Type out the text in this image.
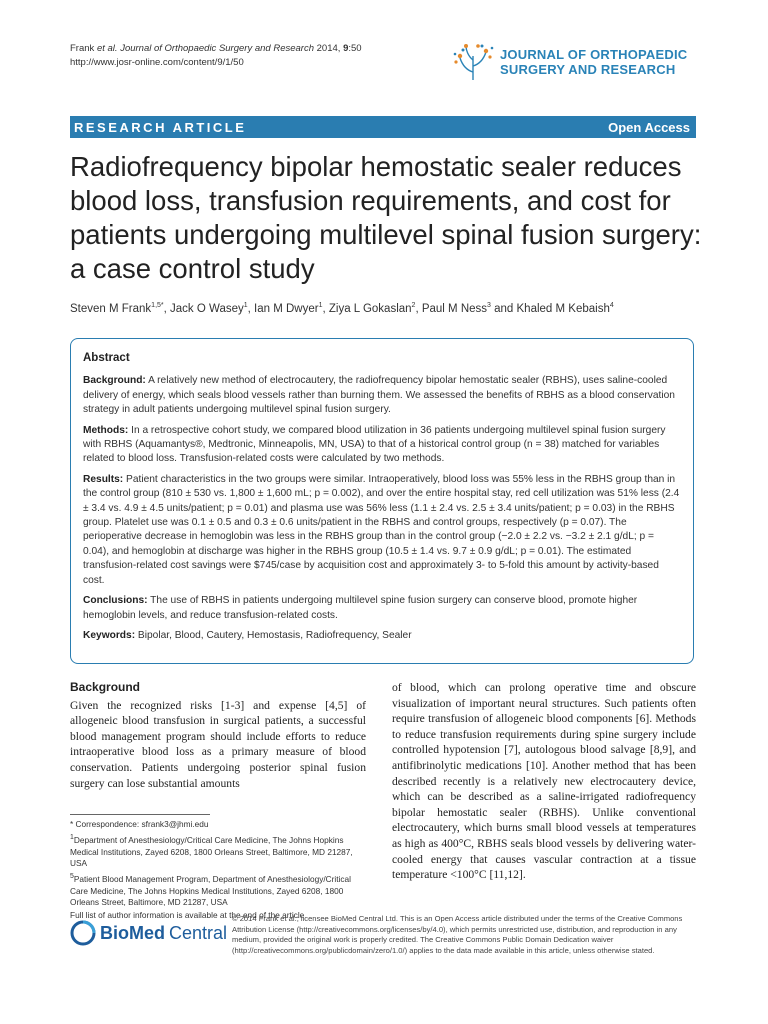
Frank et al. Journal of Orthopaedic Surgery and Research 2014, 9:50
http://www.josr-online.com/content/9/1/50
JOURNAL OF ORTHOPAEDIC
SURGERY AND RESEARCH
RESEARCH ARTICLE	Open Access
Radiofrequency bipolar hemostatic sealer reduces blood loss, transfusion requirements, and cost for patients undergoing multilevel spinal fusion surgery: a case control study
Steven M Frank$^{1,5*}$, Jack O Wasey$^1$, Ian M Dwyer$^1$, Ziya L Gokaslan$^2$, Paul M Ness$^3$ and Khaled M Kebaish$^4$
Abstract

Background: A relatively new method of electrocautery, the radiofrequency bipolar hemostatic sealer (RBHS), uses saline-cooled delivery of energy, which seals blood vessels rather than burning them. We assessed the benefits of RBHS as a blood conservation strategy in adult patients undergoing multilevel spinal fusion surgery.

Methods: In a retrospective cohort study, we compared blood utilization in 36 patients undergoing multilevel spinal fusion surgery with RBHS (Aquamantys®, Medtronic, Minneapolis, MN, USA) to that of a historical control group (n = 38) matched for variables related to blood loss. Transfusion-related costs were calculated by two methods.

Results: Patient characteristics in the two groups were similar. Intraoperatively, blood loss was 55% less in the RBHS group than in the control group (810 ± 530 vs. 1,800 ± 1,600 mL; p = 0.002), and over the entire hospital stay, red cell utilization was 51% less (2.4 ± 3.4 vs. 4.9 ± 4.5 units/patient; p = 0.01) and plasma use was 56% less (1.1 ± 2.4 vs. 2.5 ± 3.4 units/patient; p = 0.03) in the RBHS group. Platelet use was 0.1 ± 0.5 and 0.3 ± 0.6 units/patient in the RBHS and control groups, respectively (p = 0.07). The perioperative decrease in hemoglobin was less in the RBHS group than in the control group (−2.0 ± 2.2 vs. −3.2 ± 2.1 g/dL; p = 0.04), and hemoglobin at discharge was higher in the RBHS group (10.5 ± 1.4 vs. 9.7 ± 0.9 g/dL; p = 0.01). The estimated transfusion-related cost savings were $745/case by acquisition cost and approximately 3- to 5-fold this amount by activity-based cost.

Conclusions: The use of RBHS in patients undergoing multilevel spine fusion surgery can conserve blood, promote higher hemoglobin levels, and reduce transfusion-related costs.

Keywords: Bipolar, Blood, Cautery, Hemostasis, Radiofrequency, Sealer

Background

Given the recognized risks [1-3] and expense [4,5] of allogeneic blood transfusion in surgical patients, a successful blood management program should include efforts to reduce intraoperative blood loss as a primary measure of blood conservation. Patients undergoing posterior spinal fusion surgery can lose substantial amounts

of blood, which can prolong operative time and obscure visualization of important neural structures. Such patients often require transfusion of allogeneic blood components [6]. Methods to reduce transfusion requirements during spine surgery include controlled hypotension [7], autologous blood salvage [8,9], and antifibrinolytic medications [10]. Another method that has been described recently is a relatively new electrocautery device, which can be described as a saline-irrigated radiofrequency bipolar hemostatic sealer (RBHS). Unlike conventional electrocautery, which burns small blood vessels at temperatures as high as 400°C, RBHS seals blood vessels by delivering water-cooled energy that causes vascular contraction at a tissue temperature <100°C [11,12].

* Correspondence: sfrank3@jhmi.edu

$^1$Department of Anesthesiology/Critical Care Medicine, The Johns Hopkins Medical Institutions, Zayed 6208, 1800 Orleans Street, Baltimore, MD 21287, USA

$^5$Patient Blood Management Program, Department of Anesthesiology/Critical Care Medicine, The Johns Hopkins Medical Institutions, Zayed 6208, 1800 Orleans Street, Baltimore, MD 21287, USA

Full list of author information is available at the end of the article

BioMed Central
© 2014 Frank et al.; licensee BioMed Central Ltd. This is an Open Access article distributed under the terms of the Creative Commons Attribution License (http://creativecommons.org/licenses/by/4.0), which permits unrestricted use, distribution, and reproduction in any medium, provided the original work is properly credited. The Creative Commons Public Domain Dedication waiver (http://creativecommons.org/publicdomain/zero/1.0/) applies to the data made available in this article, unless otherwise stated.
